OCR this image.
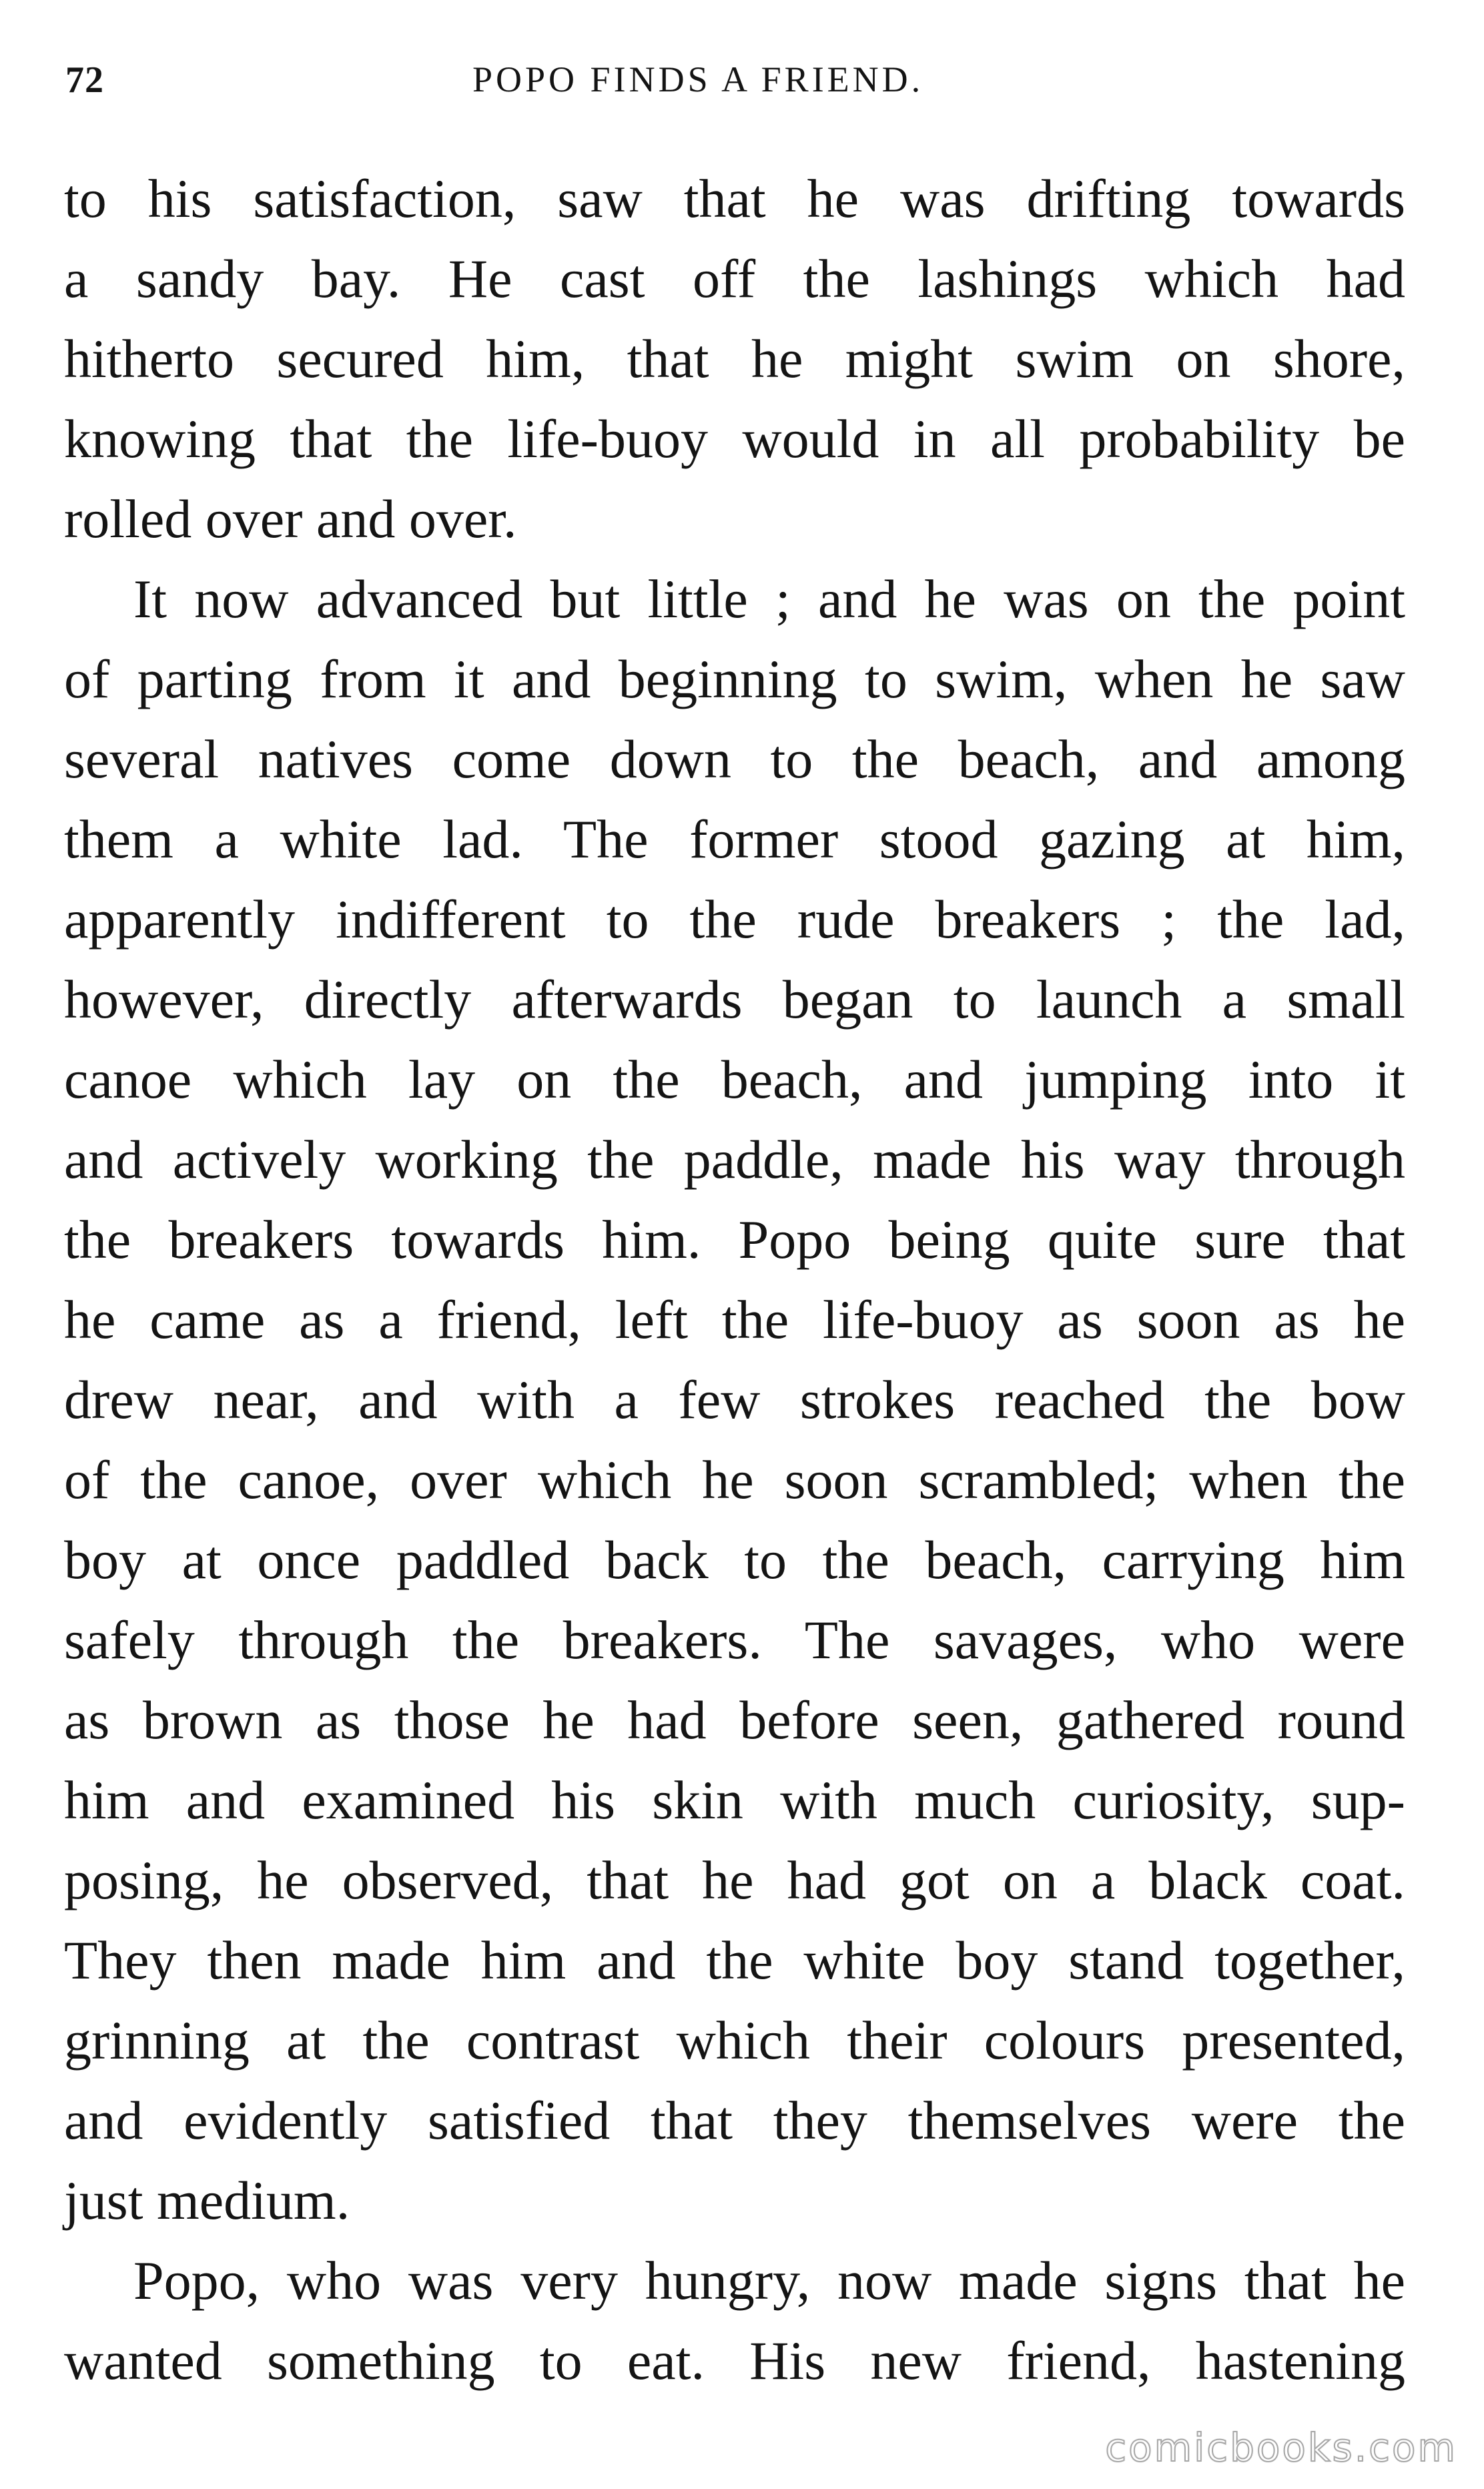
72	POPO FINDS A FRIEND.
to his satisfaction, saw that he was drifting towards
a sandy bay. He cast off the lashings which had
hitherto secured him, that he might swim on shore,
knowing that the life-buoy would in all probability be
rolled over and over.
It now advanced but little ; and he was on the point
of parting from it and beginning to swim, when he saw
several natives come down to the beach, and among
them a white lad. The former stood gazing at him,
apparently indifferent to the rude breakers ; the lad,
however, directly afterwards began to launch a small
canoe which lay on the beach, and jumping into it
and actively working the paddle, made his way through
the breakers towards him. Popo being quite sure that
he came as a friend, left the life-buoy as soon as he
drew near, and with a few strokes reached the bow
of the canoe, over which he soon scrambled; when the
boy at once paddled back to the beach, carrying him
safely through the breakers. The savages, who were
as brown as those he had before seen, gathered round
him and examined his skin with much curiosity, sup-
posing, he observed, that he had got on a black coat.
They then made him and the white boy stand together,
grinning at the contrast which their colours presented,
and evidently satisfied that they themselves were the
just medium.
Popo, who was very hungry, now made signs that he
wanted something to eat. His new friend, hastening
comicbooks.com
